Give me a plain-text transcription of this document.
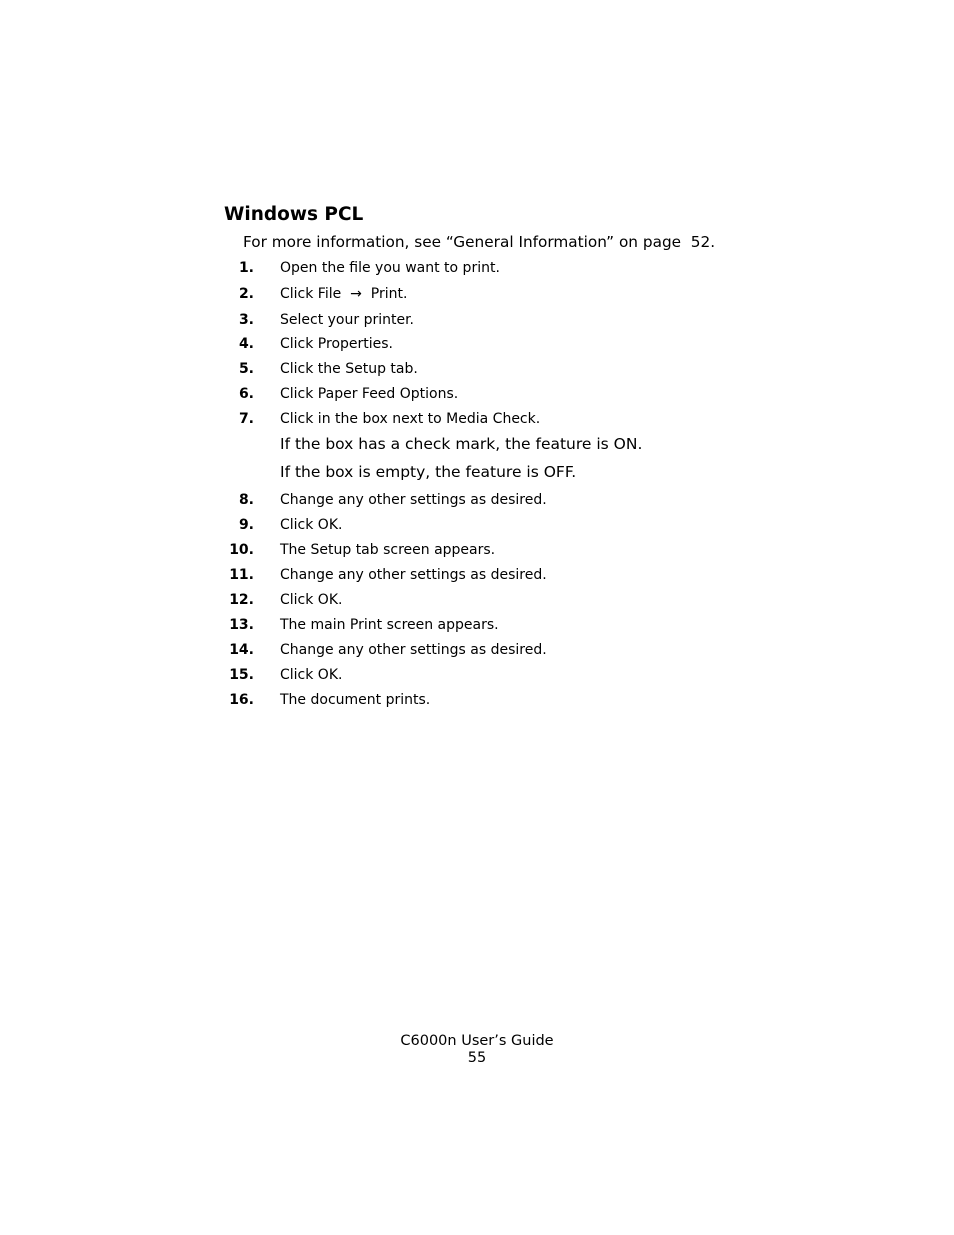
Windows PCL

For more information, see “General Information” on page  52.

1. Open the file you want to print.
2. Click File  →  Print.
3. Select your printer.
4. Click Properties.
5. Click the Setup tab.
6. Click Paper Feed Options.
7. Click in the box next to Media Check.
If the box has a check mark, the feature is ON.
If the box is empty, the feature is OFF.
8. Change any other settings as desired.
9. Click OK.
10. The Setup tab screen appears.
11. Change any other settings as desired.
12. Click OK.
13. The main Print screen appears.
14. Change any other settings as desired.
15. Click OK.
16. The document prints.
C6000n User’s Guide
55
